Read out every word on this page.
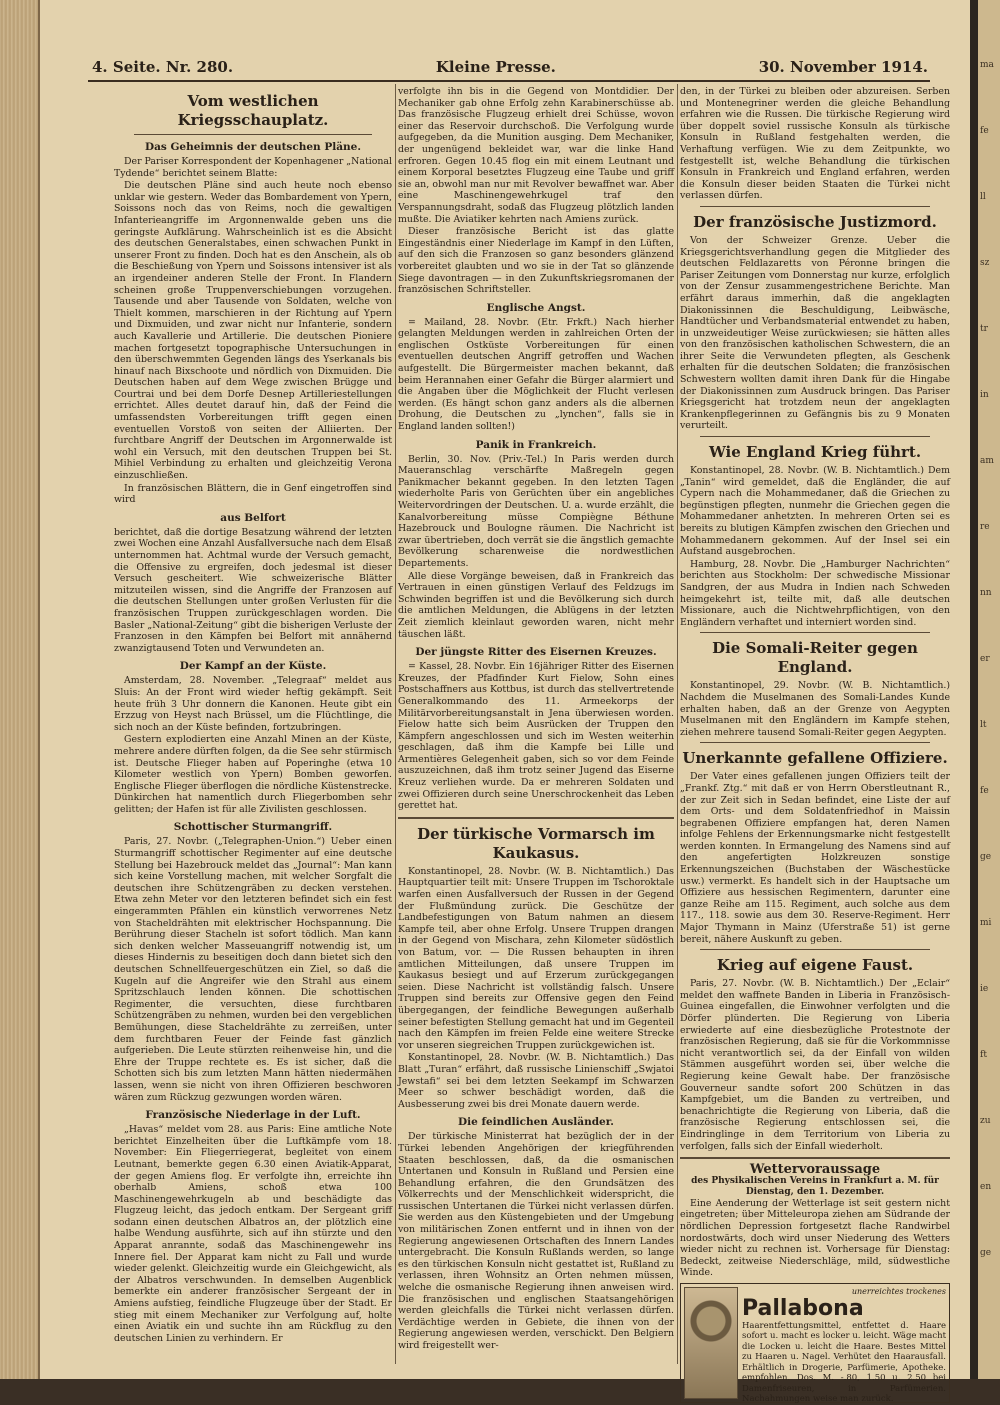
ma

fe

ll

sz

tr

in

am

re

nn

er

lt

fe

ge

mi

ie

ft

zu

en

ge

4. Seite. Nr. 280.	Kleine Presse.	30. November 1914.
Vom westlichen Kriegsschauplatz.
Das Geheimnis der deutschen Pläne.

Der Pariser Korrespondent der Kopenhagener „National Tydende“ berichtet seinem Blatte:

Die deutschen Pläne sind auch heute noch ebenso unklar wie gestern. Weder das Bombardement von Ypern, Soissons noch das von Reims, noch die gewaltigen Infanterieangriffe im Argonnenwalde geben uns die geringste Aufklärung. Wahrscheinlich ist es die Absicht des deutschen Generalstabes, einen schwachen Punkt in unserer Front zu finden. Doch hat es den Anschein, als ob die Beschießung von Ypern und Soissons intensiver ist als an irgendeiner anderen Stelle der Front. In Flandern scheinen große Truppenverschiebungen vorzugehen. Tausende und aber Tausende von Soldaten, welche von Thielt kommen, marschieren in der Richtung auf Ypern und Dixmuiden, und zwar nicht nur Infanterie, sondern auch Kavallerie und Artillerie. Die deutschen Pioniere machen fortgesetzt topographische Untersuchungen in den überschwemmten Gegenden längs des Yserkanals bis hinauf nach Bixschoote und nördlich von Dixmuiden. Die Deutschen haben auf dem Wege zwischen Brügge und Courtrai und bei dem Dorfe Desnep Artilleriestellungen errichtet. Alles deutet darauf hin, daß der Feind die umfassendsten Vorbereitungen trifft gegen einen eventuellen Vorstoß von seiten der Alliierten. Der furchtbare Angriff der Deutschen im Argonnerwalde ist wohl ein Versuch, mit den deutschen Truppen bei St. Mihiel Verbindung zu erhalten und gleichzeitig Verona einzuschließen.

In französischen Blättern, die in Genf eingetroffen sind wird

aus Belfort

berichtet, daß die dortige Besatzung während der letzten zwei Wochen eine Anzahl Ausfallversuche nach dem Elsaß unternommen hat. Achtmal wurde der Versuch gemacht, die Offensive zu ergreifen, doch jedesmal ist dieser Versuch gescheitert. Wie schweizerische Blätter mitzuteilen wissen, sind die Angriffe der Franzosen auf die deutschen Stellungen unter großen Verlusten für die französischen Truppen zurückgeschlagen worden. Die Basler „National-Zeitung“ gibt die bisherigen Verluste der Franzosen in den Kämpfen bei Belfort mit annähernd zwanzigtausend Toten und Verwundeten an.

Der Kampf an der Küste.

Amsterdam, 28. November. „Telegraaf“ meldet aus Sluis: An der Front wird wieder heftig gekämpft. Seit heute früh 3 Uhr donnern die Kanonen. Heute gibt ein Erzzug von Heyst nach Brüssel, um die Flüchtlinge, die sich noch an der Küste befinden, fortzubringen.

Gestern explodierten eine Anzahl Minen an der Küste, mehrere andere dürften folgen, da die See sehr stürmisch ist. Deutsche Flieger haben auf Poperinghe (etwa 10 Kilometer westlich von Ypern) Bomben geworfen. Englische Flieger überflogen die nördliche Küstenstrecke. Dünkirchen hat namentlich durch Fliegerbomben sehr gelitten; der Hafen ist für alle Zivilisten geschlossen.

Schottischer Sturmangriff.

Paris, 27. Novbr. („Telegraphen-Union.“) Ueber einen Sturmangriff schottischer Regimenter auf eine deutsche Stellung bei Hazebrouck meldet das „Journal“: Man kann sich keine Vorstellung machen, mit welcher Sorgfalt die deutschen ihre Schützengräben zu decken verstehen. Etwa zehn Meter vor den letzteren befindet sich ein fest eingerammten Pfählen ein künstlich verworrenes Netz von Stacheldrähten mit elektrischer Hochspannung. Die Berührung dieser Stacheln ist sofort tödlich. Man kann sich denken welcher Masseuangriff notwendig ist, um dieses Hindernis zu beseitigen doch dann bietet sich den deutschen Schnellfeuergeschützen ein Ziel, so daß die Kugeln auf die Angreifer wie den Strahl aus einem Spritzschlauch lenden können. Die schottischen Regimenter, die versuchten, diese furchtbaren Schützengräben zu nehmen, wurden bei den vergeblichen Bemühungen, diese Stacheldrähte zu zerreißen, unter dem furchtbaren Feuer der Feinde fast gänzlich aufgerieben. Die Leute stürzten reihenweise hin, und die Ehre der Truppe rechtete es. Es ist sicher, daß die Schotten sich bis zum letzten Mann hätten niedermähen lassen, wenn sie nicht von ihren Offizieren beschworen wären zum Rückzug gezwungen worden wären.

Französische Niederlage in der Luft.

„Havas“ meldet vom 28. aus Paris: Eine amtliche Note berichtet Einzelheiten über die Luftkämpfe vom 18. November: Ein Fliegerriegerat, begleitet von einem Leutnant, bemerkte gegen 6.30 einen Aviatik-Apparat, der gegen Amiens flog. Er verfolgte ihn, erreichte ihn oberhalb Amiens, schoß etwa 100 Maschinengewehrkugeln ab und beschädigte das Flugzeug leicht, das jedoch entkam. Der Sergeant griff sodann einen deutschen Albatros an, der plötzlich eine halbe Wendung ausführte, sich auf ihn stürzte und den Apparat anrannte, sodaß das Maschinengewehr ins Innere fiel. Der Apparat kam nicht zu Fall und wurde wieder gelenkt. Gleichzeitig wurde ein Gleichgewicht, als der Albatros verschwunden. In demselben Augenblick bemerkte ein anderer französischer Sergeant der in Amiens aufstieg, feindliche Flugzeuge über der Stadt. Er stieg mit einem Mechaniker zur Verfolgung auf, holte einen Aviatik ein und suchte ihn am Rückflug zu den deutschen Linien zu verhindern. Er

verfolgte ihn bis in die Gegend von Montdidier. Der Mechaniker gab ohne Erfolg zehn Karabinerschüsse ab. Das französische Flugzeug erhielt drei Schüsse, wovon einer das Reservoir durchschoß. Die Verfolgung wurde aufgegeben, da die Munition ausging. Dem Mechaniker, der ungenügend bekleidet war, war die linke Hand erfroren. Gegen 10.45 flog ein mit einem Leutnant und einem Korporal besetztes Flugzeug eine Taube und griff sie an, obwohl man nur mit Revolver bewaffnet war. Aber eine Maschinengewehrkugel traf den Verspannungsdraht, sodaß das Flugzeug plötzlich landen mußte. Die Aviatiker kehrten nach Amiens zurück.

Dieser französische Bericht ist das glatte Eingeständnis einer Niederlage im Kampf in den Lüften, auf den sich die Franzosen so ganz besonders glänzend vorbereitet glaubten und wo sie in der Tat so glänzende Siege davontragen — in den Zukunftskriegsromanen der französischen Schriftsteller.

Englische Angst.

= Mailand, 28. Novbr. (Etr. Frkft.) Nach hierher gelangten Meldungen werden in zahlreichen Orten der englischen Ostküste Vorbereitungen für einen eventuellen deutschen Angriff getroffen und Wachen aufgestellt. Die Bürgermeister machen bekannt, daß beim Herannahen einer Gefahr die Bürger alarmiert und die Angaben über die Möglichkeit der Flucht verlesen werden. (Es hängt schon ganz anders als die albernen Drohung, die Deutschen zu „lynchen“, falls sie in England landen sollten!)

Panik in Frankreich.

Berlin, 30. Nov. (Priv.-Tel.) In Paris werden durch Maueranschlag verschärfte Maßregeln gegen Panikmacher bekannt gegeben. In den letzten Tagen wiederholte Paris von Gerüchten über ein angebliches Weitervordringen der Deutschen. U. a. wurde erzählt, die Kanalvorbereitung müsse Compiègne Béthune Hazebrouck und Boulogne räumen. Die Nachricht ist zwar übertrieben, doch verrät sie die ängstlich gemachte Bevölkerung scharenweise die nordwestlichen Departements.

Alle diese Vorgänge beweisen, daß in Frankreich das Vertrauen in einen günstigen Verlauf des Feldzugs im Schwinden begriffen ist und die Bevölkerung sich durch die amtlichen Meldungen, die Ablügens in der letzten Zeit ziemlich kleinlaut geworden waren, nicht mehr täuschen läßt.

Der jüngste Ritter des Eisernen Kreuzes.

= Kassel, 28. Novbr. Ein 16jähriger Ritter des Eisernen Kreuzes, der Pfadfinder Kurt Fielow, Sohn eines Postschaffners aus Kottbus, ist durch das stellvertretende Generalkommando des 11. Armeekorps der Militärvorbereitungsanstalt in Jena überwiesen worden. Fielow hatte sich beim Ausrücken der Truppen den Kämpfern angeschlossen und sich im Westen weiterhin geschlagen, daß ihm die Kampfe bei Lille und Armentières Gelegenheit gaben, sich so vor dem Feinde auszuzeichnen, daß ihm trotz seiner Jugend das Eiserne Kreuz verliehen wurde. Da er mehreren Soldaten und zwei Offizieren durch seine Unerschrockenheit das Leben gerettet hat.

Der türkische Vormarsch im Kaukasus.

Konstantinopel, 28. Novbr. (W. B. Nichtamtlich.) Das Hauptquartier teilt mit: Unsere Truppen im Tschoroktale warfen einen Ausfallversuch der Russen in der Gegend der Flußmündung zurück. Die Geschütze der Landbefestigungen von Batum nahmen an diesem Kampfe teil, aber ohne Erfolg. Unsere Truppen drangen in der Gegend von Mischara, zehn Kilometer südöstlich von Batum, vor. — Die Russen behaupten in ihren amtlichen Mitteilungen, daß unsere Truppen im Kaukasus besiegt und auf Erzerum zurückgegangen seien. Diese Nachricht ist vollständig falsch. Unsere Truppen sind bereits zur Offensive gegen den Feind übergegangen, der feindliche Bewegungen außerhalb seiner befestigten Stellung gemacht hat und im Gegenteil nach den Kämpfen im freien Felde eine weitere Strecke vor unseren siegreichen Truppen zurückgewichen ist.

Konstantinopel, 28. Novbr. (W. B. Nichtamtlich.) Das Blatt „Turan“ erfährt, daß russische Linienschiff „Swjatoi Jewstafi“ sei bei dem letzten Seekampf im Schwarzen Meer so schwer beschädigt worden, daß die Ausbesserung zwei bis drei Monate dauern werde.

Die feindlichen Ausländer.

Der türkische Ministerrat hat bezüglich der in der Türkei lebenden Angehörigen der kriegführenden Staaten beschlossen, daß, da die osmanischen Untertanen und Konsuln in Rußland und Persien eine Behandlung erfahren, die den Grundsätzen des Völkerrechts und der Menschlichkeit widerspricht, die russischen Untertanen die Türkei nicht verlassen dürfen. Sie werden aus den Küstengebieten und der Umgebung von militärischen Zonen entfernt und in ihnen von der Regierung angewiesenen Ortschaften des Innern Landes untergebracht. Die Konsuln Rußlands werden, so lange es den türkischen Konsuln nicht gestattet ist, Rußland zu verlassen, ihren Wohnsitz an Orten nehmen müssen, welche die osmanische Regierung ihnen anweisen wird. Die französischen und englischen Staatsangehörigen werden gleichfalls die Türkei nicht verlassen dürfen. Verdächtige werden in Gebiete, die ihnen von der Regierung angewiesen werden, verschickt. Den Belgiern wird freigestellt wer-

den, in der Türkei zu bleiben oder abzureisen. Serben und Montenegriner werden die gleiche Behandlung erfahren wie die Russen. Die türkische Regierung wird über doppelt soviel russische Konsuln als türkische Konsuln in Rußland festgehalten werden, die Verhaftung verfügen. Wie zu dem Zeitpunkte, wo festgestellt ist, welche Behandlung die türkischen Konsuln in Frankreich und England erfahren, werden die Konsuln dieser beiden Staaten die Türkei nicht verlassen dürfen.

Der französische Justizmord.

Von der Schweizer Grenze. Ueber die Kriegsgerichtsverhandlung gegen die Mitglieder des deutschen Feldlazaretts von Péronne bringen die Pariser Zeitungen vom Donnerstag nur kurze, erfolglich von der Zensur zusammengestrichene Berichte. Man erfährt daraus immerhin, daß die angeklagten Diakonissinnen die Beschuldigung, Leibwäsche, Handtücher und Verbandsmaterial entwendet zu haben, in unzweideutiger Weise zurückwiesen; sie hätten alles von den französischen katholischen Schwestern, die an ihrer Seite die Verwundeten pflegten, als Geschenk erhalten für die deutschen Soldaten; die französischen Schwestern wollten damit ihren Dank für die Hingabe der Diakonissinnen zum Ausdruck bringen. Das Pariser Kriegsgericht hat trotzdem neun der angeklagten Krankenpflegerinnen zu Gefängnis bis zu 9 Monaten verurteilt.

Wie England Krieg führt.

Konstantinopel, 28. Novbr. (W. B. Nichtamtlich.) Dem „Tanin“ wird gemeldet, daß die Engländer, die auf Cypern nach die Mohammedaner, daß die Griechen zu begünstigen pflegten, nunmehr die Griechen gegen die Mohammedaner anhetzten. In mehreren Orten sei es bereits zu blutigen Kämpfen zwischen den Griechen und Mohammedanern gekommen. Auf der Insel sei ein Aufstand ausgebrochen.

Hamburg, 28. Novbr. Die „Hamburger Nachrichten“ berichten aus Stockholm: Der schwedische Missionar Sandgren, der aus Mudra in Indien nach Schweden heimgekehrt ist, teilte mit, daß alle deutschen Missionare, auch die Nichtwehrpflichtigen, von den Engländern verhaftet und interniert worden sind.

Die Somali-Reiter gegen England.

Konstantinopel, 29. Novbr. (W. B. Nichtamtlich.) Nachdem die Muselmanen des Somali-Landes Kunde erhalten haben, daß an der Grenze von Aegypten Muselmanen mit den Engländern im Kampfe stehen, ziehen mehrere tausend Somali-Reiter gegen Aegypten.

Unerkannte gefallene Offiziere.

Der Vater eines gefallenen jungen Offiziers teilt der „Frankf. Ztg.“ mit daß er von Herrn Oberstleutnant R., der zur Zeit sich in Sedan befindet, eine Liste der auf dem Orts- und dem Soldatenfriedhof in Maissin begrabenen Offiziere empfangen hat, deren Namen infolge Fehlens der Erkennungsmarke nicht festgestellt werden konnten. In Ermangelung des Namens sind auf den angefertigten Holzkreuzen sonstige Erkennungszeichen (Buchstaben der Wäschestücke usw.) vermerkt. Es handelt sich in der Hauptsache um Offiziere aus hessischen Regimentern, darunter eine ganze Reihe am 115. Regiment, auch solche aus dem 117., 118. sowie aus dem 30. Reserve-Regiment. Herr Major Thymann in Mainz (Uferstraße 51) ist gerne bereit, nähere Auskunft zu geben.

Krieg auf eigene Faust.

Paris, 27. Novbr. (W. B. Nichtamtlich.) Der „Eclair“ meldet den waffnete Banden in Liberia in Französisch-Guinea eingefallen, die Einwohner verfolgten und die Dörfer plünderten. Die Regierung von Liberia erwiederte auf eine diesbezügliche Protestnote der französischen Regierung, daß sie für die Vorkommnisse nicht verantwortlich sei, da der Einfall von wilden Stämmen ausgeführt worden sei, über welche die Regierung keine Gewalt habe. Der französische Gouverneur sandte sofort 200 Schützen in das Kampfgebiet, um die Banden zu vertreiben, und benachrichtigte die Regierung von Liberia, daß die französische Regierung entschlossen sei, die Eindringlinge in dem Territorium von Liberia zu verfolgen, falls sich der Einfall wiederholt.

Wettervoraussage
des Physikalischen Vereins in Frankfurt a. M. für Dienstag, den 1. Dezember.

Eine Aenderung der Wetterlage ist seit gestern nicht eingetreten; über Mitteleuropa ziehen am Südrande der nördlichen Depression fortgesetzt flache Randwirbel nordostwärts, doch wird unser Niederung des Wetters wieder nicht zu rechnen ist. Vorhersage für Dienstag: Bedeckt, zeitweise Niederschläge, mild, südwestliche Winde.

unerreichtes trockenes
Pallabona
Haarentfettungsmittel, entfettet d. Haare sofort u. macht es locker u. leicht. Wäge macht die Locken u. leicht die Haare. Bestes Mittel zu Haaren u. Nagel. Verhütet den Haarausfall. Erhältlich in Drogerie, Parfümerie, Apotheke. empfohlen. Dos. M. -.80, 1.50 u. 2.50 bei Damenfriseuren, in Parfümerien. Nachahmungen weise man zurück.
